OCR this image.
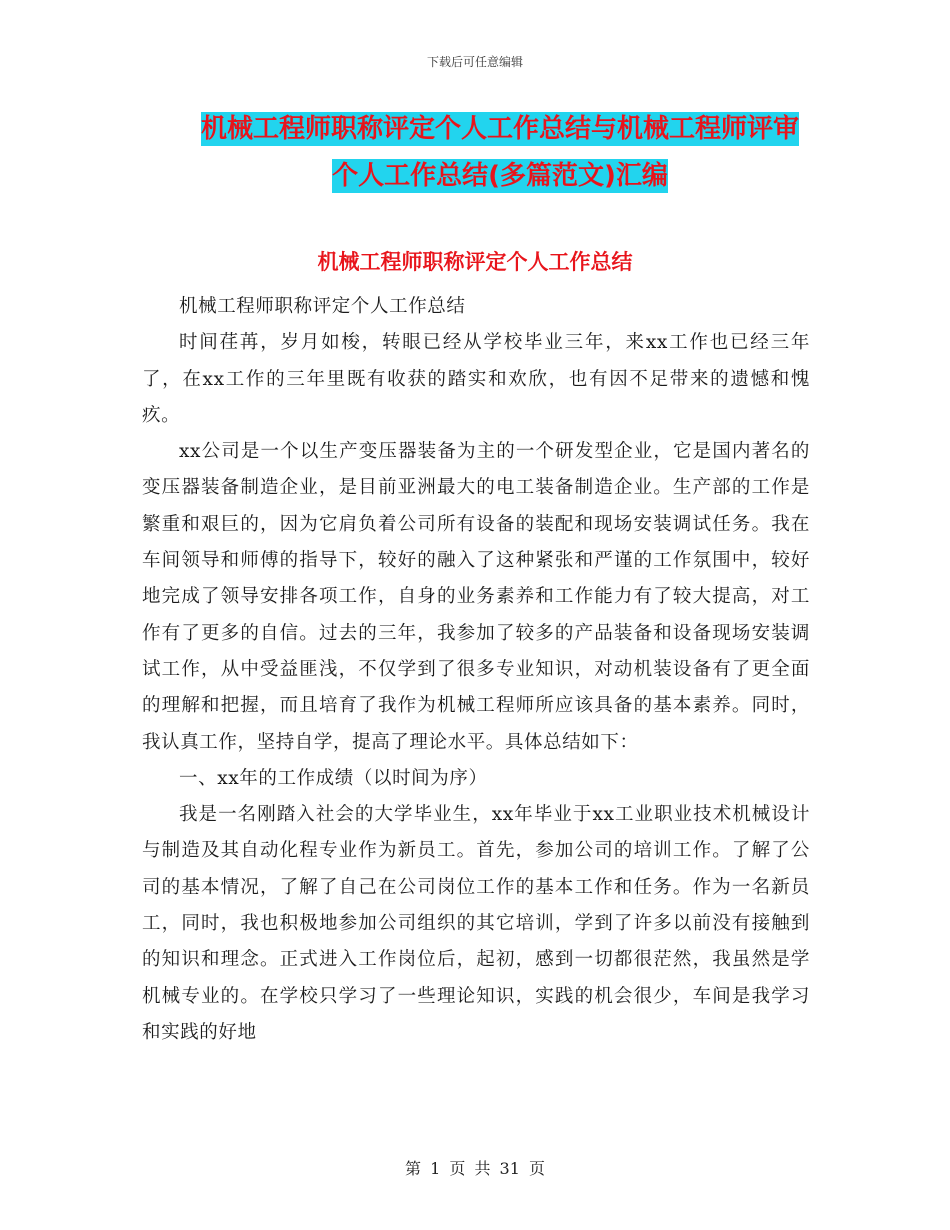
下载后可任意编辑
机械工程师职称评定个人工作总结与机械工程师评审
个人工作总结(多篇范文)汇编
机械工程师职称评定个人工作总结

机械工程师职称评定个人工作总结

时间荏苒，岁月如梭，转眼已经从学校毕业三年，来xx工作也已经三年了，在xx工作的三年里既有收获的踏实和欢欣，也有因不足带来的遗憾和愧疚。

xx公司是一个以生产变压器装备为主的一个研发型企业，它是国内著名的变压器装备制造企业，是目前亚洲最大的电工装备制造企业。生产部的工作是繁重和艰巨的，因为它肩负着公司所有设备的装配和现场安装调试任务。我在车间领导和师傅的指导下，较好的融入了这种紧张和严谨的工作氛围中，较好地完成了领导安排各项工作，自身的业务素养和工作能力有了较大提高，对工作有了更多的自信。过去的三年，我参加了较多的产品装备和设备现场安装调试工作，从中受益匪浅，不仅学到了很多专业知识，对动机装设备有了更全面的理解和把握，而且培育了我作为机械工程师所应该具备的基本素养。同时，我认真工作，坚持自学，提高了理论水平。具体总结如下：

一、xx年的工作成绩（以时间为序）

我是一名刚踏入社会的大学毕业生，xx年毕业于xx工业职业技术机械设计与制造及其自动化程专业作为新员工。首先，参加公司的培训工作。了解了公司的基本情况，了解了自己在公司岗位工作的基本工作和任务。作为一名新员工，同时，我也积极地参加公司组织的其它培训，学到了许多以前没有接触到的知识和理念。正式进入工作岗位后，起初，感到一切都很茫然，我虽然是学机械专业的。在学校只学习了一些理论知识，实践的机会很少，车间是我学习和实践的好地

第 1 页 共 31 页
